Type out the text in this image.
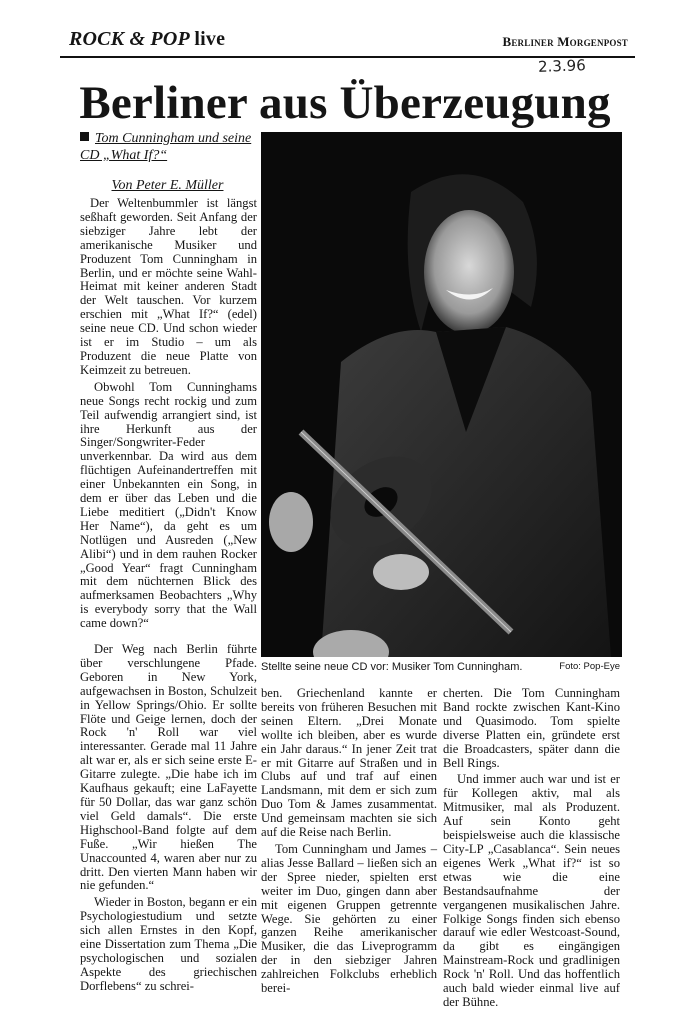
ROCK & POP live	Berliner Morgenpost
2.3.96
Berliner aus Überzeugung
Tom Cunningham und seine CD „What If?“
Von Peter E. Müller

Der Weltenbummler ist längst seßhaft geworden. Seit Anfang der siebziger Jahre lebt der amerikanische Musiker und Produzent Tom Cunningham in Berlin, und er möchte seine Wahl-Heimat mit keiner anderen Stadt der Welt tauschen. Vor kurzem erschien mit „What If?“ (edel) seine neue CD. Und schon wieder ist er im Studio – um als Produzent die neue Platte von Keimzeit zu betreuen.

Obwohl Tom Cunninghams neue Songs recht rockig und zum Teil aufwendig arrangiert sind, ist ihre Herkunft aus der Singer/Songwriter-Feder unverkennbar. Da wird aus dem flüchtigen Aufeinandertreffen mit einer Unbekannten ein Song, in dem er über das Leben und die Liebe meditiert („Didn't Know Her Name“), da geht es um Notlügen und Ausreden („New Alibi“) und in dem rauhen Rocker „Good Year“ fragt Cunningham mit dem nüchternen Blick des aufmerksamen Beobachters „Why is everybody sorry that the Wall came down?“

Stellte seine neue CD vor: Musiker Tom Cunningham.	Foto: Pop-Eye

Der Weg nach Berlin führte über verschlungene Pfade. Geboren in New York, aufgewachsen in Boston, Schulzeit in Yellow Springs/Ohio. Er sollte Flöte und Geige lernen, doch der Rock 'n' Roll war viel interessanter. Gerade mal 11 Jahre alt war er, als er sich seine erste E-Gitarre zulegte. „Die habe ich im Kaufhaus gekauft; eine LaFayette für 50 Dollar, das war ganz schön viel Geld damals“. Die erste Highschool-Band folgte auf dem Fuße. „Wir hießen The Unaccounted 4, waren aber nur zu dritt. Den vierten Mann haben wir nie gefunden.“

Wieder in Boston, begann er ein Psychologiestudium und setzte sich allen Ernstes in den Kopf, eine Dissertation zum Thema „Die psychologischen und sozialen Aspekte des griechischen Dorflebens“ zu schrei-

ben. Griechenland kannte er bereits von früheren Besuchen mit seinen Eltern. „Drei Monate wollte ich bleiben, aber es wurde ein Jahr daraus.“ In jener Zeit trat er mit Gitarre auf Straßen und in Clubs auf und traf auf einen Landsmann, mit dem er sich zum Duo Tom & James zusammentat. Und gemeinsam machten sie sich auf die Reise nach Berlin.

Tom Cunningham und James – alias Jesse Ballard – ließen sich an der Spree nieder, spielten erst weiter im Duo, gingen dann aber mit eigenen Gruppen getrennte Wege. Sie gehörten zu einer ganzen Reihe amerikanischer Musiker, die das Liveprogramm der in den siebziger Jahren zahlreichen Folkclubs erheblich berei-

cherten. Die Tom Cunningham Band rockte zwischen Kant-Kino und Quasimodo. Tom spielte diverse Platten ein, gründete erst die Broadcasters, später dann die Bell Rings.

Und immer auch war und ist er für Kollegen aktiv, mal als Mitmusiker, mal als Produzent. Auf sein Konto geht beispielsweise auch die klassische City-LP „Casablanca“. Sein neues eigenes Werk „What if?“ ist so etwas wie die eine Bestandsaufnahme der vergangenen musikalischen Jahre. Folkige Songs finden sich ebenso darauf wie edler Westcoast-Sound, da gibt es eingängigen Mainstream-Rock und gradlinigen Rock 'n' Roll. Und das hoffentlich auch bald wieder einmal live auf der Bühne.
